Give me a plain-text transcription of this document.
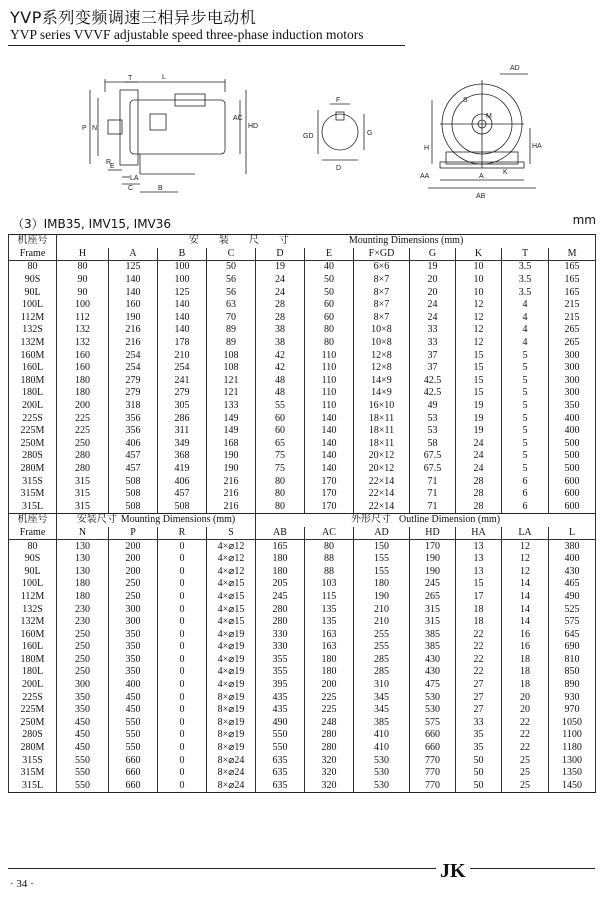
YVP系列变频调速三相异步电动机
YVP series VVVF adjustable speed three-phase induction motors
L
T
P N
AC
HD
E
R
LA
C	B
F
GD	G
D
AD
S
M
H	HA
K
AA	A
AB
（3）IMB35, IMV15, IMV36	mm
机座号	安　　装　　尺　　寸 Mounting Dimensions (mm)										
Frame	H	A	B	C	D	E	F×GD	G	K	T	M
80	80	125	100	50	19	40	6×6	19	10	3.5	165
90S	90	140	100	56	24	50	8×7	20	10	3.5	165
90L	90	140	125	56	24	50	8×7	20	10	3.5	165
100L	100	160	140	63	28	60	8×7	24	12	4	215
112M	112	190	140	70	28	60	8×7	24	12	4	215
132S	132	216	140	89	38	80	10×8	33	12	4	265
132M	132	216	178	89	38	80	10×8	33	12	4	265
160M	160	254	210	108	42	110	12×8	37	15	5	300
160L	160	254	254	108	42	110	12×8	37	15	5	300
180M	180	279	241	121	48	110	14×9	42.5	15	5	300
180L	180	279	279	121	48	110	14×9	42.5	15	5	300
200L	200	318	305	133	55	110	16×10	49	19	5	350
225S	225	356	286	149	60	140	18×11	53	19	5	400
225M	225	356	311	149	60	140	18×11	53	19	5	400
250M	250	406	349	168	65	140	18×11	58	24	5	500
280S	280	457	368	190	75	140	20×12	67.5	24	5	500
280M	280	457	419	190	75	140	20×12	67.5	24	5	500
315S	315	508	406	216	80	170	22×14	71	28	6	600
315M	315	508	457	216	80	170	22×14	71	28	6	600
315L	315	508	508	216	80	170	22×14	71	28	6	600
机座号	安装尺寸 Mounting Dimensions (mm)				外形尺寸 Outline Dimension (mm)						
Frame	N	P	R	S	AB	AC	AD	HD	HA	LA	L
80	130	200	0	4×⌀12	165	80	150	170	13	12	380
90S	130	200	0	4×⌀12	180	88	155	190	13	12	400
90L	130	200	0	4×⌀12	180	88	155	190	13	12	430
100L	180	250	0	4×⌀15	205	103	180	245	15	14	465
112M	180	250	0	4×⌀15	245	115	190	265	17	14	490
132S	230	300	0	4×⌀15	280	135	210	315	18	14	525
132M	230	300	0	4×⌀15	280	135	210	315	18	14	575
160M	250	350	0	4×⌀19	330	163	255	385	22	16	645
160L	250	350	0	4×⌀19	330	163	255	385	22	16	690
180M	250	350	0	4×⌀19	355	180	285	430	22	18	810
180L	250	350	0	4×⌀19	355	180	285	430	22	18	850
200L	300	400	0	4×⌀19	395	200	310	475	27	18	890
225S	350	450	0	8×⌀19	435	225	345	530	27	20	930
225M	350	450	0	8×⌀19	435	225	345	530	27	20	970
250M	450	550	0	8×⌀19	490	248	385	575	33	22	1050
280S	450	550	0	8×⌀19	550	280	410	660	35	22	1100
280M	450	550	0	8×⌀19	550	280	410	660	35	22	1180
315S	550	660	0	8×⌀24	635	320	530	770	50	25	1300
315M	550	660	0	8×⌀24	635	320	530	770	50	25	1350
315L	550	660	0	8×⌀24	635	320	530	770	50	25	1450
JK
· 34 ·
